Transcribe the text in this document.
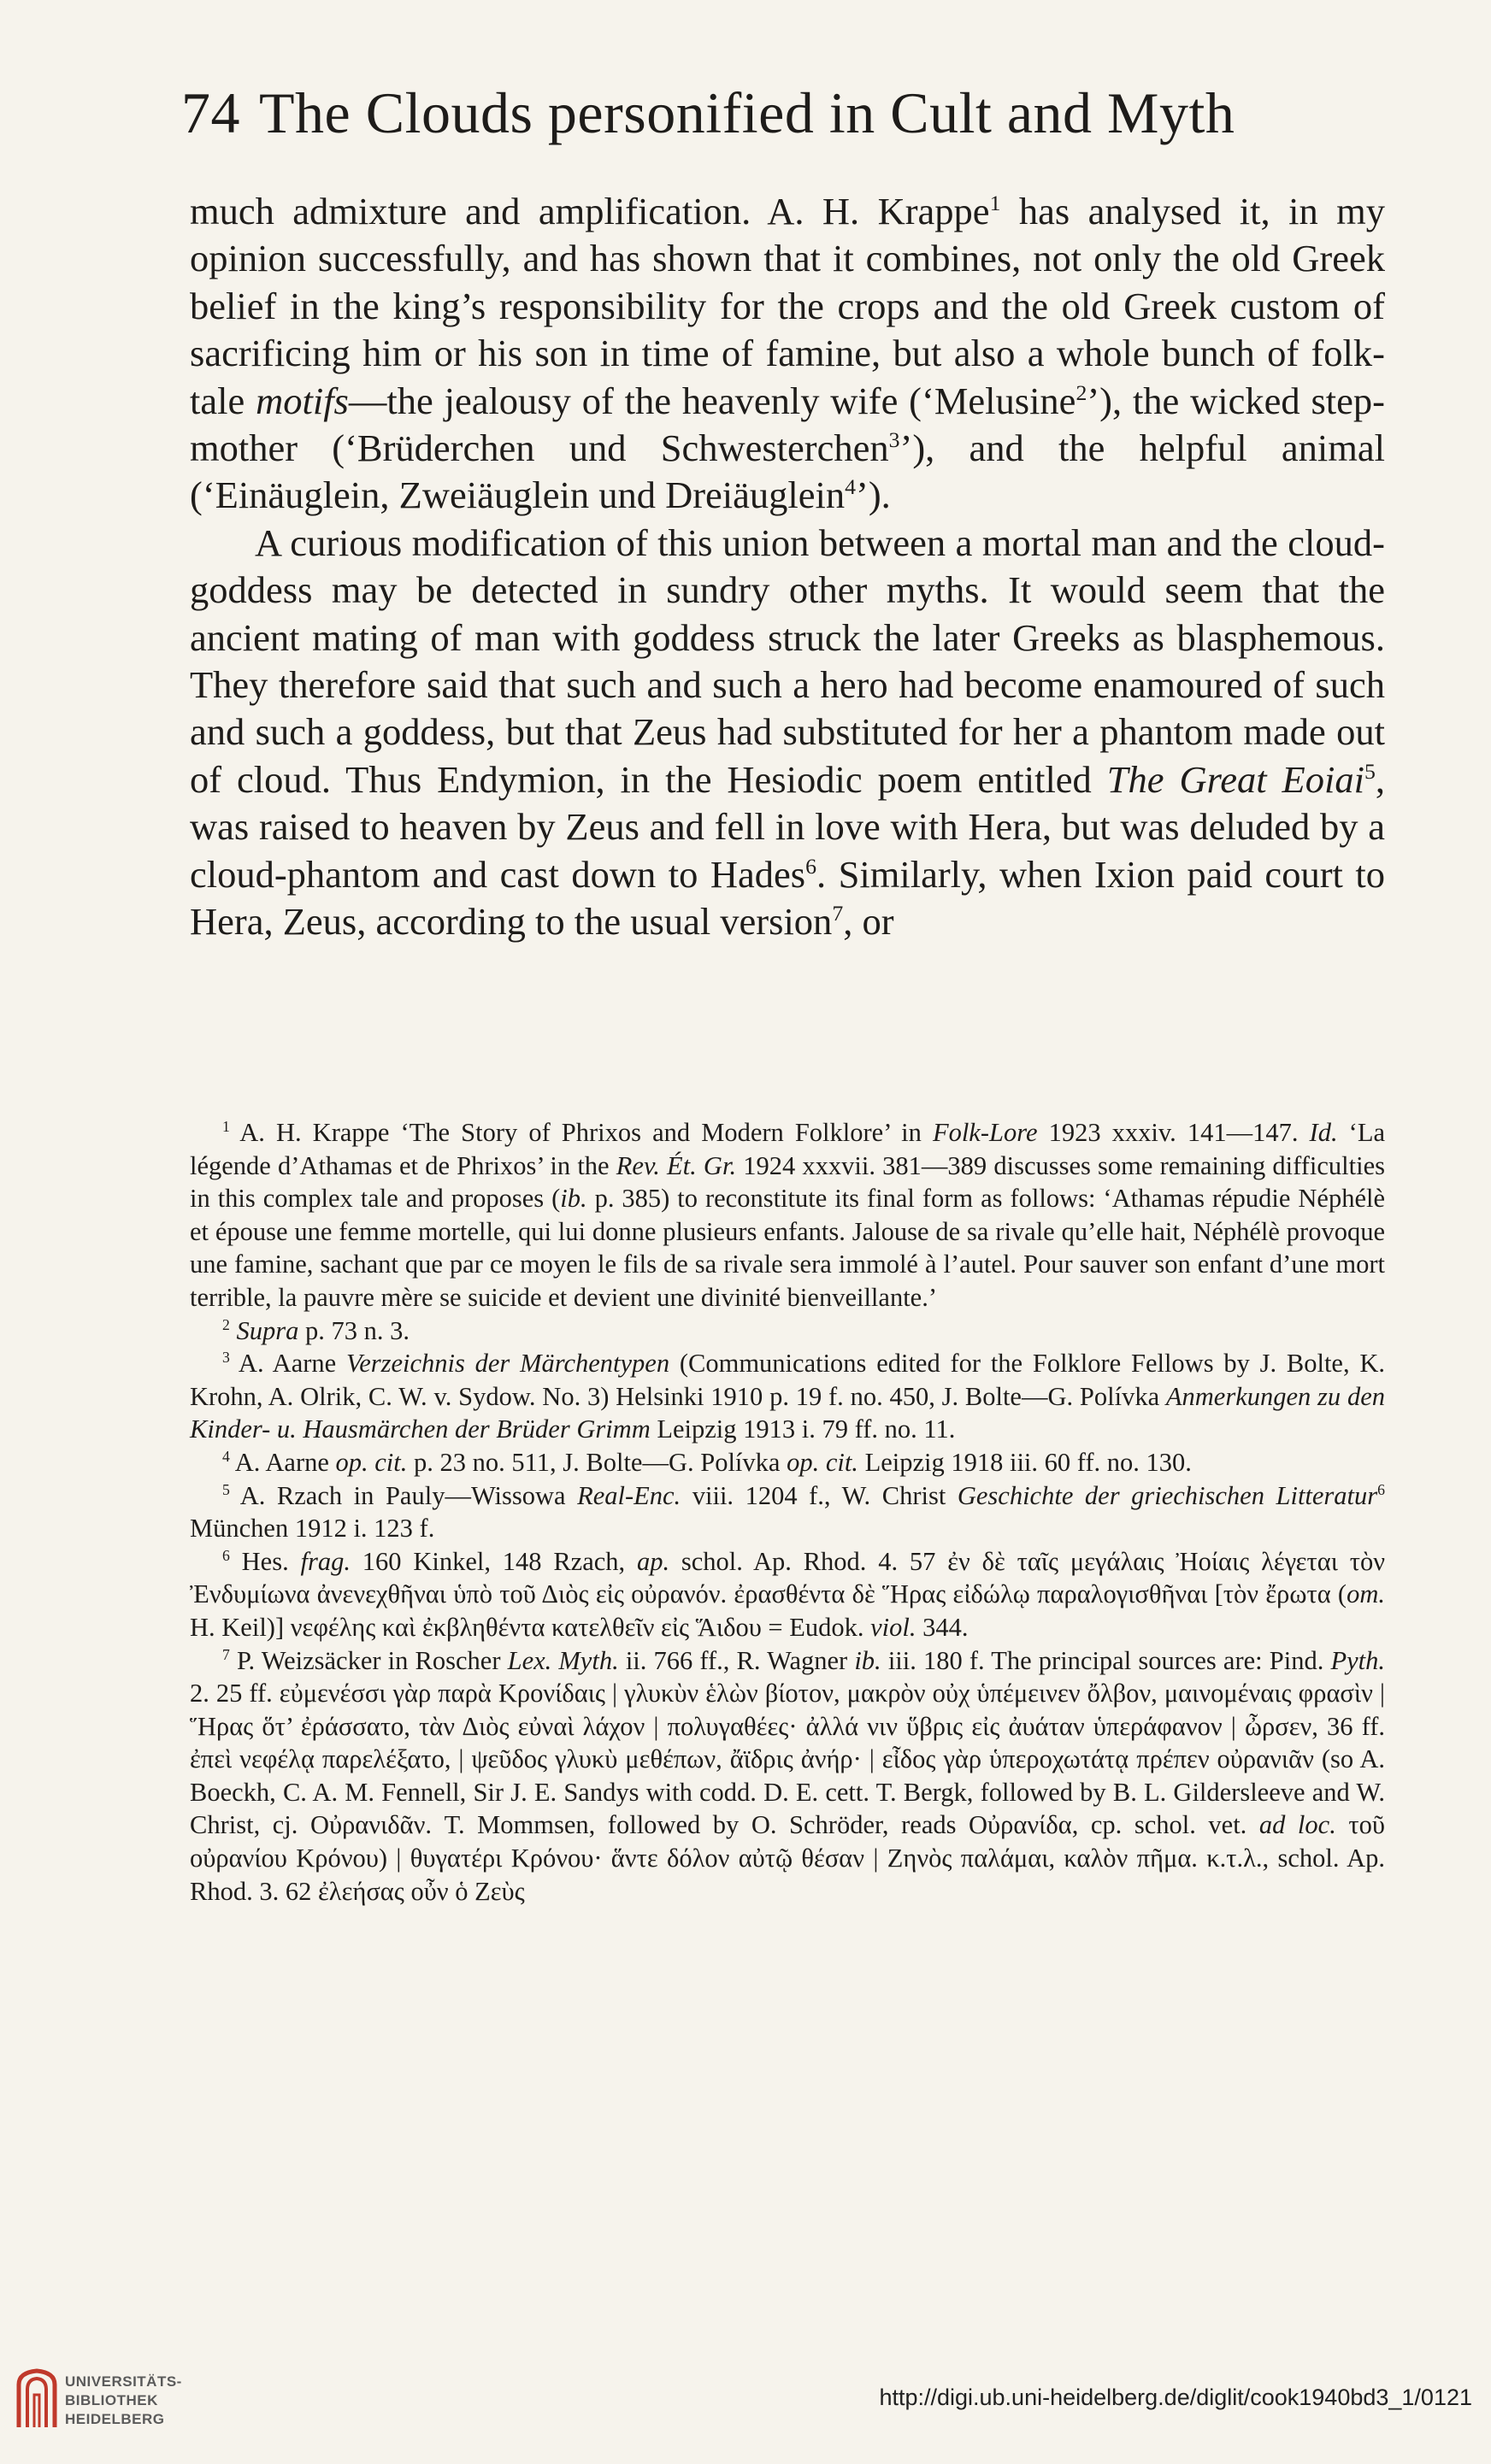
74 The Clouds personified in Cult and Myth

much admixture and amplification. A. H. Krappe$^1$ has analysed it, in my opinion successfully, and has shown that it combines, not only the old Greek belief in the king’s responsibility for the crops and the old Greek custom of sacrificing him or his son in time of famine, but also a whole bunch of folk-tale motifs—the jealousy of the heavenly wife (‘Melusine$^2$’), the wicked step-mother (‘Brüderchen und Schwesterchen$^3$’), and the helpful animal (‘Einäuglein, Zweiäuglein und Dreiäuglein$^4$’).

A curious modification of this union between a mortal man and the cloud-goddess may be detected in sundry other myths. It would seem that the ancient mating of man with goddess struck the later Greeks as blasphemous. They therefore said that such and such a hero had become enamoured of such and such a goddess, but that Zeus had substituted for her a phantom made out of cloud. Thus Endymion, in the Hesiodic poem entitled The Great Eoiai$^5$, was raised to heaven by Zeus and fell in love with Hera, but was deluded by a cloud-phantom and cast down to Hades$^6$. Similarly, when Ixion paid court to Hera, Zeus, according to the usual version$^7$, or

$^1$ A. H. Krappe ‘The Story of Phrixos and Modern Folklore’ in Folk-Lore 1923 xxxiv. 141—147. Id. ‘La légende d’Athamas et de Phrixos’ in the Rev. Ét. Gr. 1924 xxxvii. 381—389 discusses some remaining difficulties in this complex tale and proposes (ib. p. 385) to reconstitute its final form as follows: ‘Athamas répudie Néphélè et épouse une femme mortelle, qui lui donne plusieurs enfants. Jalouse de sa rivale qu’elle hait, Néphélè provoque une famine, sachant que par ce moyen le fils de sa rivale sera immolé à l’autel. Pour sauver son enfant d’une mort terrible, la pauvre mère se suicide et devient une divinité bienveillante.’

$^2$ Supra p. 73 n. 3.

$^3$ A. Aarne Verzeichnis der Märchentypen (Communications edited for the Folklore Fellows by J. Bolte, K. Krohn, A. Olrik, C. W. v. Sydow. No. 3) Helsinki 1910 p. 19 f. no. 450, J. Bolte—G. Polívka Anmerkungen zu den Kinder- u. Hausmärchen der Brüder Grimm Leipzig 1913 i. 79 ff. no. 11.

$^4$ A. Aarne op. cit. p. 23 no. 511, J. Bolte—G. Polívka op. cit. Leipzig 1918 iii. 60 ff. no. 130.

$^5$ A. Rzach in Pauly—Wissowa Real-Enc. viii. 1204 f., W. Christ Geschichte der griechischen Litteratur$^6$ München 1912 i. 123 f.

$^6$ Hes. frag. 160 Kinkel, 148 Rzach, ap. schol. Ap. Rhod. 4. 57 ἐν δὲ ταῖς μεγάλαις Ἠοίαις λέγεται τὸν Ἐνδυμίωνα ἀνενεχθῆναι ὑπὸ τοῦ Διὸς εἰς οὐρανόν. ἐρασθέντα δὲ Ἥρας εἰδώλῳ παραλογισθῆναι [τὸν ἔρωτα (om. H. Keil)] νεφέλης καὶ ἐκβληθέντα κατελθεῖν εἰς Ἅιδου = Eudok. viol. 344.

$^7$ P. Weizsäcker in Roscher Lex. Myth. ii. 766 ff., R. Wagner ib. iii. 180 f. The principal sources are: Pind. Pyth. 2. 25 ff. εὐμενέσσι γὰρ παρὰ Κρονίδαις | γλυκὺν ἑλὼν βίοτον, μακρὸν οὐχ ὑπέμεινεν ὄλβον, μαινομέναις φρασὶν | Ἥρας ὅτ’ ἐράσσατο, τὰν Διὸς εὐναὶ λάχον | πολυγαθέες· ἀλλά νιν ὕβρις εἰς ἀυάταν ὑπεράφανον | ὦρσεν, 36 ff. ἐπεὶ νεφέλᾳ παρελέξατο, | ψεῦδος γλυκὺ μεθέπων, ἄϊδρις ἀνήρ· | εἶδος γὰρ ὑπεροχωτάτᾳ πρέπεν οὐρανιᾶν (so A. Boeckh, C. A. M. Fennell, Sir J. E. Sandys with codd. D. E. cett. T. Bergk, followed by B. L. Gildersleeve and W. Christ, cj. Οὐρανιδᾶν. T. Mommsen, followed by O. Schröder, reads Οὐρανίδα, cp. schol. vet. ad loc. τοῦ οὐρανίου Κρόνου) | θυγατέρι Κρόνου· ἅντε δόλον αὐτῷ θέσαν | Ζηνὸς παλάμαι, καλὸν πῆμα. κ.τ.λ., schol. Ap. Rhod. 3. 62 ἐλεήσας οὖν ὁ Ζεὺς

UNIVERSITÄTS-
BIBLIOTHEK
HEIDELBERG
http://digi.ub.uni-heidelberg.de/diglit/cook1940bd3_1/0121
